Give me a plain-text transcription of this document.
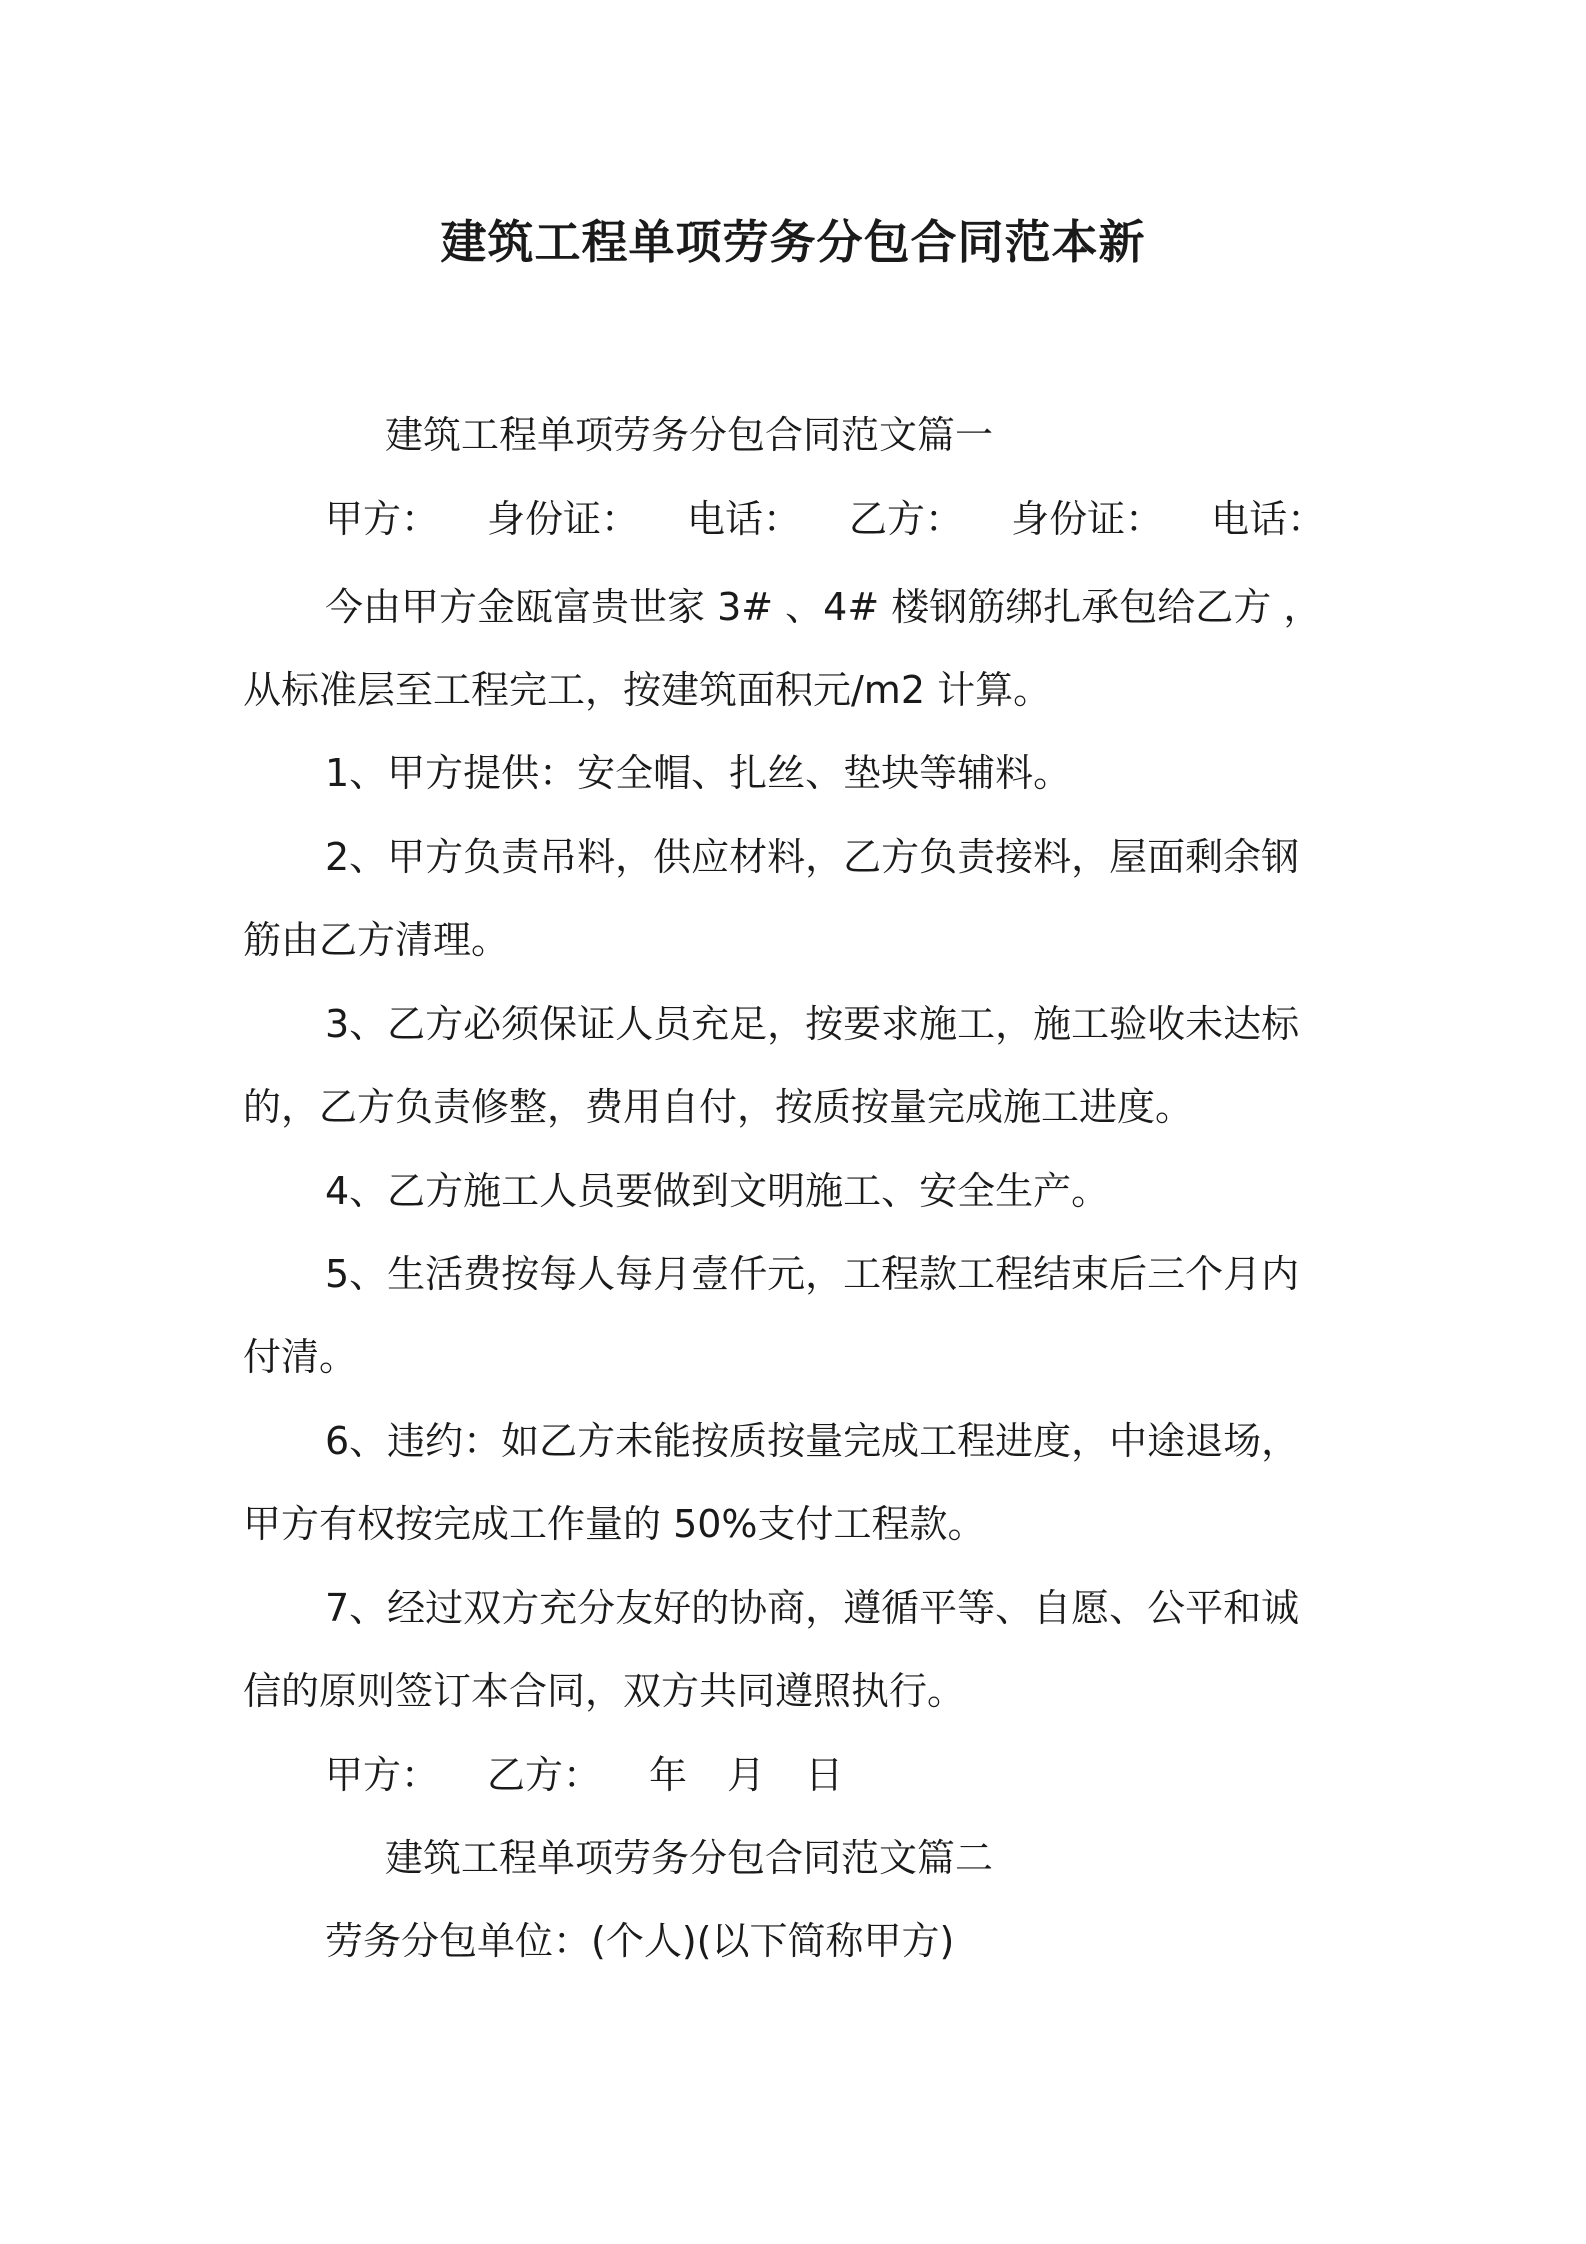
建筑工程单项劳务分包合同范本新
建筑工程单项劳务分包合同范文篇一
甲方： 身份证： 电话： 乙方： 身份证： 电话：
今由甲方金瓯富贵世家 3# 、4# 楼钢筋绑扎承包给乙方 ，
从标准层至工程完工，按建筑面积元/m2 计算。
1、甲方提供：安全帽、扎丝、垫块等辅料。
2、甲方负责吊料，供应材料，乙方负责接料，屋面剩余钢
筋由乙方清理。
3、乙方必须保证人员充足，按要求施工，施工验收未达标
的，乙方负责修整，费用自付，按质按量完成施工进度。
4、乙方施工人员要做到文明施工、安全生产。
5、生活费按每人每月壹仟元，工程款工程结束后三个月内
付清。
6、违约：如乙方未能按质按量完成工程进度，中途退场，
甲方有权按完成工作量的 50%支付工程款。
7、经过双方充分友好的协商，遵循平等、自愿、公平和诚
信的原则签订本合同，双方共同遵照执行。
甲方： 乙方： 年 月 日
建筑工程单项劳务分包合同范文篇二
劳务分包单位：(个人)(以下简称甲方)
